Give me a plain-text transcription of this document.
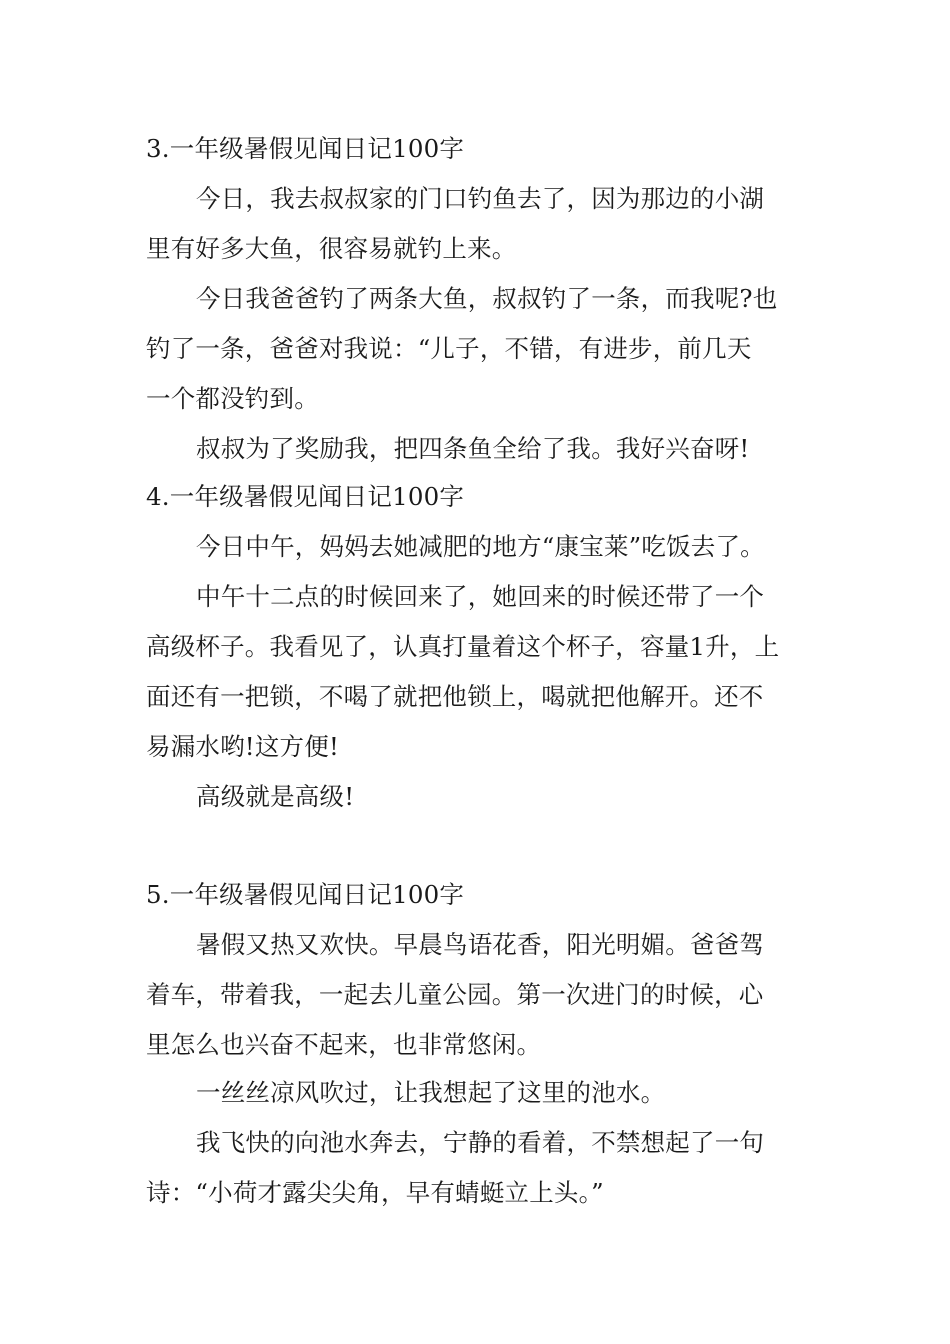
3.一年级暑假见闻日记100字
今日，我去叔叔家的门口钓鱼去了，因为那边的小湖
里有好多大鱼，很容易就钓上来。
今日我爸爸钓了两条大鱼，叔叔钓了一条，而我呢?也
钓了一条，爸爸对我说：“儿子，不错，有进步，前几天
一个都没钓到。
叔叔为了奖励我，把四条鱼全给了我。我好兴奋呀!
4.一年级暑假见闻日记100字
今日中午，妈妈去她减肥的地方“康宝莱”吃饭去了。
中午十二点的时候回来了，她回来的时候还带了一个
高级杯子。我看见了，认真打量着这个杯子，容量1升，上
面还有一把锁，不喝了就把他锁上，喝就把他解开。还不
易漏水哟!这方便!
高级就是高级!
5.一年级暑假见闻日记100字
暑假又热又欢快。早晨鸟语花香，阳光明媚。爸爸驾
着车，带着我，一起去儿童公园。第一次进门的时候，心
里怎么也兴奋不起来，也非常悠闲。
一丝丝凉风吹过，让我想起了这里的池水。
我飞快的向池水奔去，宁静的看着，不禁想起了一句
诗：“小荷才露尖尖角，早有蜻蜓立上头。”
